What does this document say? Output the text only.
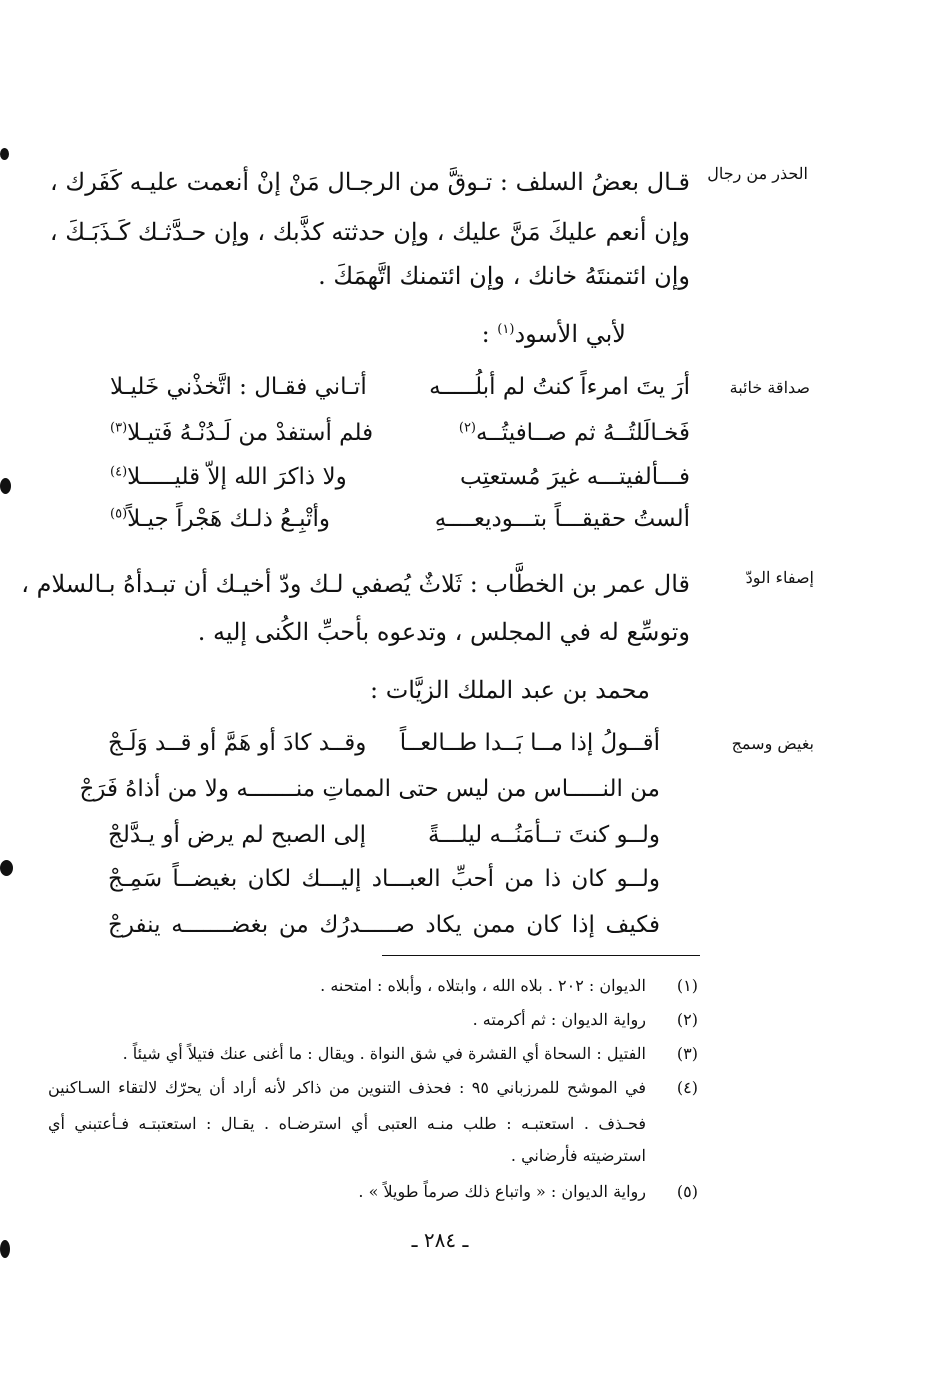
الحذر من رجال
قـال بعضُ السلف : تـوقَّ من الرجـال مَنْ إنْ أنعمت عليـه كَفَرك ،
وإن أنعم عليكَ مَنَّ عليك ، وإن حدثته كذَّبك ، وإن حـدَّثـك كَـذَبَـكَ ،
وإن ائتمنتَهُ خانك ، وإن ائتمنك اتَّهمَكَ .
لأبي الأسود$^{(١)}$ :
صداقة خائبة
أرَ يتَ امرءاً كنتُ لم أبلُـــــه
أتـاني فقـال : اتَّخذْني خَليـلا
فَخـالَلتُــهُ ثم صــافيتُــه$^{(٢)}$
فلم أستفدْ من لَـدُنْـهُ فَتيـلا$^{(٣)}$
فـــألفيتـــه غيرَ مُستعتِب
ولا ذاكرَ الله إلاّ قليـــــلا$^{(٤)}$
ألستُ حقيقـــاً بتـــوديعــــهِ
وأتْبِـعُ ذلـك هَجْراً جيـلاً$^{(٥)}$
إصفاء الودّ
قال عمر بن الخطَّاب : ثَلاثٌ يُصفي لـك ودّ أخيـك أن تبـدأهُ بـالسلام ،
وتوسِّع له في المجلس ، وتدعوه بأحبِّ الكُنى إليه .
محمد بن عبد الملك الزيَّات :
بغيض وسمج
أقــولُ إذا مــا بَــدا طــالعــاً
وقــد كادَ أو هَمَّ أو قــد وَلَـجْ
من النـــــاس من ليس حتى المماتِ منـــــــه ولا من أذاهُ فَرَجْ
ولــو كنتَ تــأمَنُــه ليلـــةً
إلى الصبح لم يرض أو يـدَّلجْ
ولــو كان ذا من أحبِّ العبـــاد إليـــك لكان بغيضــاً سَمِـجْ
فكيف إذا كان ممن يكاد صـــــدرُك من بغضـــــــه ينفرجْ
(١)
الديوان : ٢٠٢ . بلاه الله ، وابتلاه ، وأبلاه : امتحنه .
(٢)
رواية الديوان : ثم أكرمته .
(٣)
الفتيل : السحاة أي القشرة في شق النواة . ويقال : ما أغنى عنك فتيلاً أي شيئاً .
(٤)
في الموشح للمرزباني ٩٥ : فحذف التنوين من ذاكر لأنه أراد أن يحرّك لالتقاء السـاكنين
فحـذف . استعتبـه : طلب منـه العتبى أي استرضـاه . يقـال : استعتبتـه فـأعتبني أي
استرضيته فأرضاني .
(٥)
رواية الديوان : « واتباع ذلك صرماً طويلاً » .
ـ ٢٨٤ ـ
